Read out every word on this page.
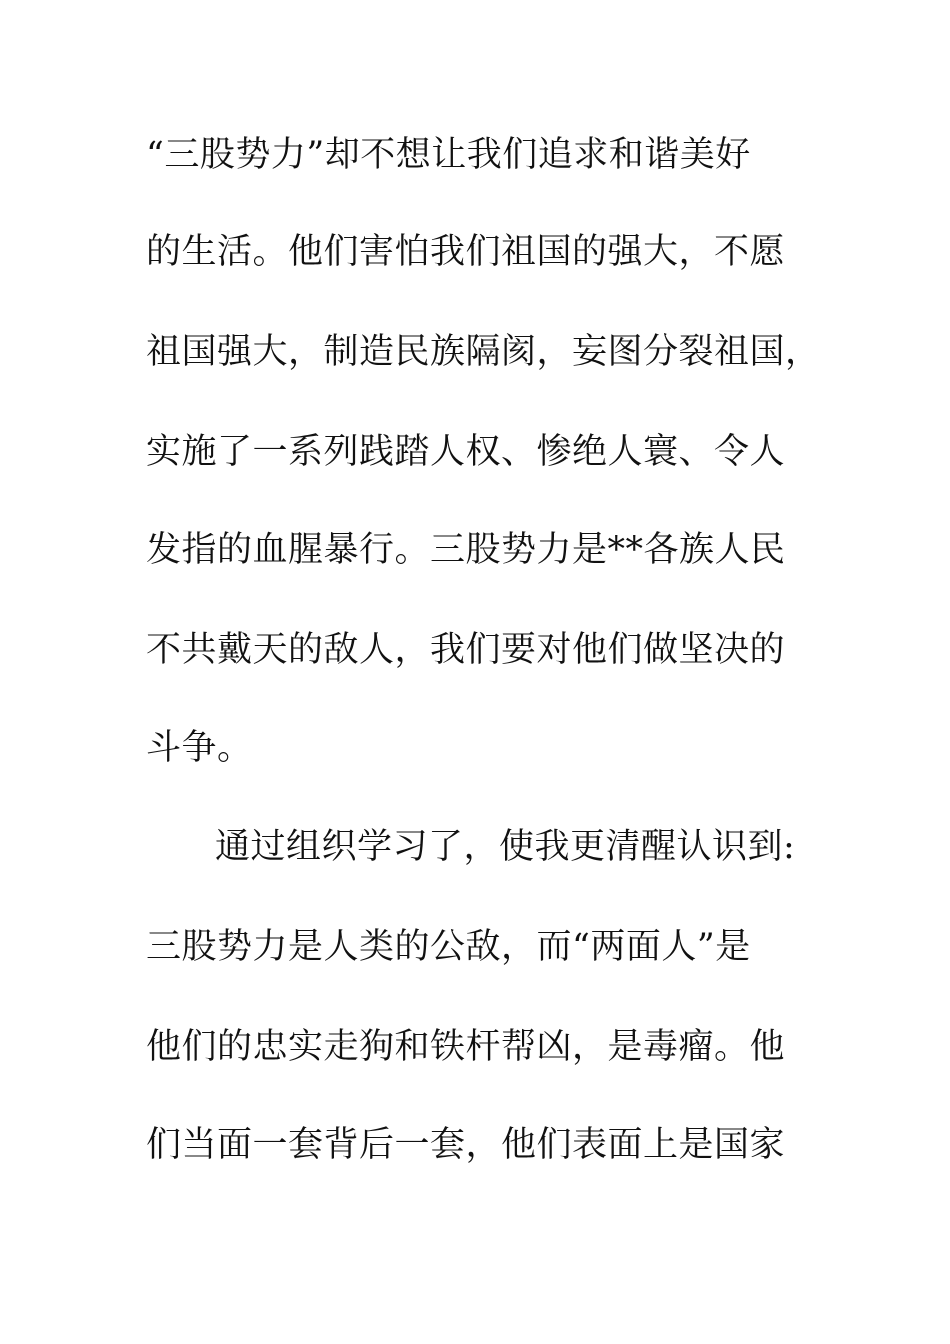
“三股势力”却不想让我们追求和谐美好
的生活。他们害怕我们祖国的强大，不愿
祖国强大，制造民族隔阂，妄图分裂祖国，
实施了一系列践踏人权、惨绝人寰、令人
发指的血腥暴行。三股势力是**各族人民
不共戴天的敌人，我们要对他们做坚决的
斗争。
通过组织学习了，使我更清醒认识到:
三股势力是人类的公敌，而“两面人”是
他们的忠实走狗和铁杆帮凶，是毒瘤。他
们当面一套背后一套，他们表面上是国家
